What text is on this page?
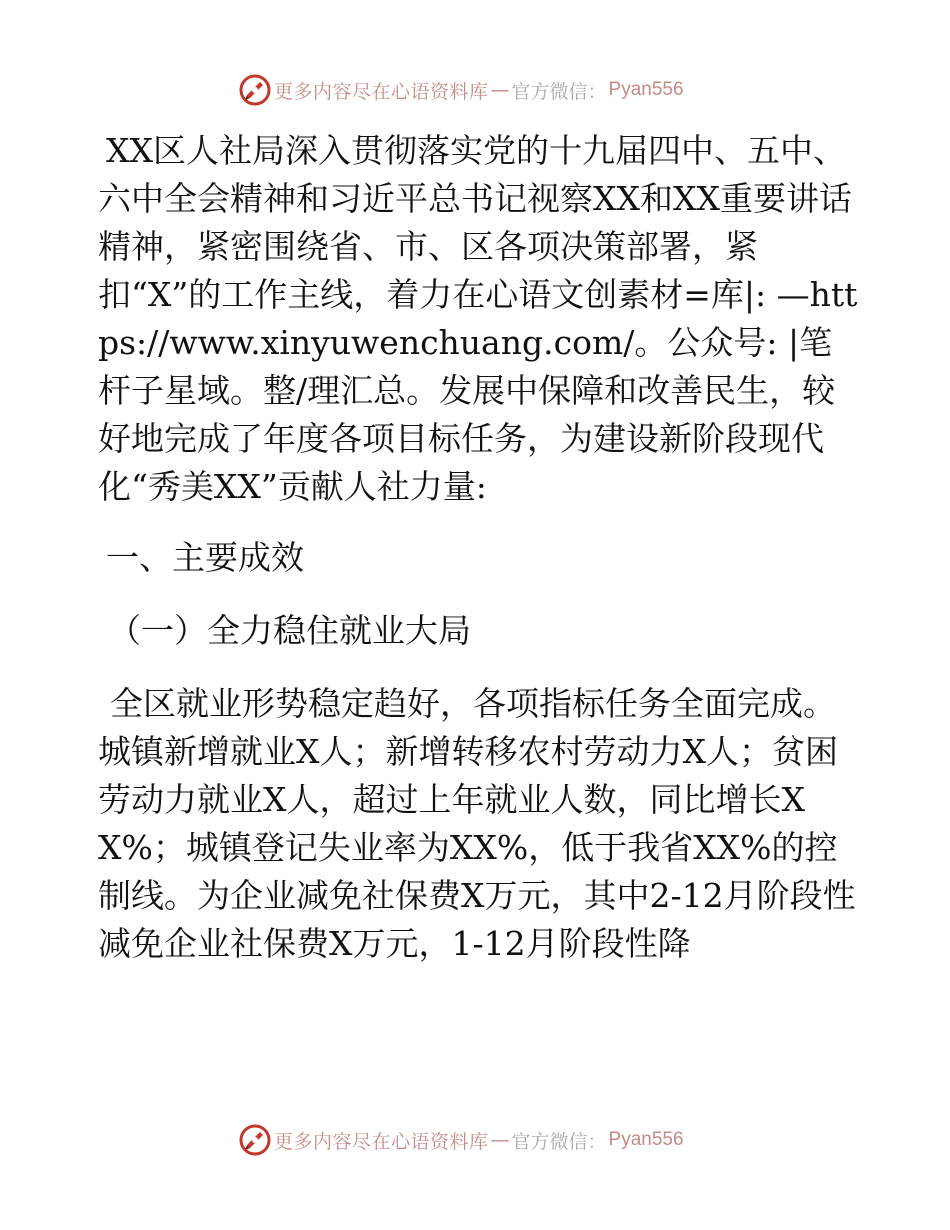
更多内容尽在心语资料库 — 官方微信： Pyan556

XX区人社局深入贯彻落实党的十九届四中、五中、六中全会精神和习近平总书记视察XX和XX重要讲话精神，紧密围绕省、市、区各项决策部署，紧扣“X”的工作主线，着力在心语文创素材=库|: —https://www.xinyuwenchuang.com/。公众号: |笔杆子星域。整/理汇总。发展中保障和改善民生，较好地完成了年度各项目标任务，为建设新阶段现代化“秀美XX”贡献人社力量:

一、主要成效

（一）全力稳住就业大局

全区就业形势稳定趋好，各项指标任务全面完成。城镇新增就业X人；新增转移农村劳动力X人；贫困劳动力就业X人，超过上年就业人数，同比增长XX%；城镇登记失业率为XX%，低于我省XX%的控制线。为企业减免社保费X万元，其中2-12月阶段性减免企业社保费X万元，1-12月阶段性降

更多内容尽在心语资料库 — 官方微信： Pyan556
